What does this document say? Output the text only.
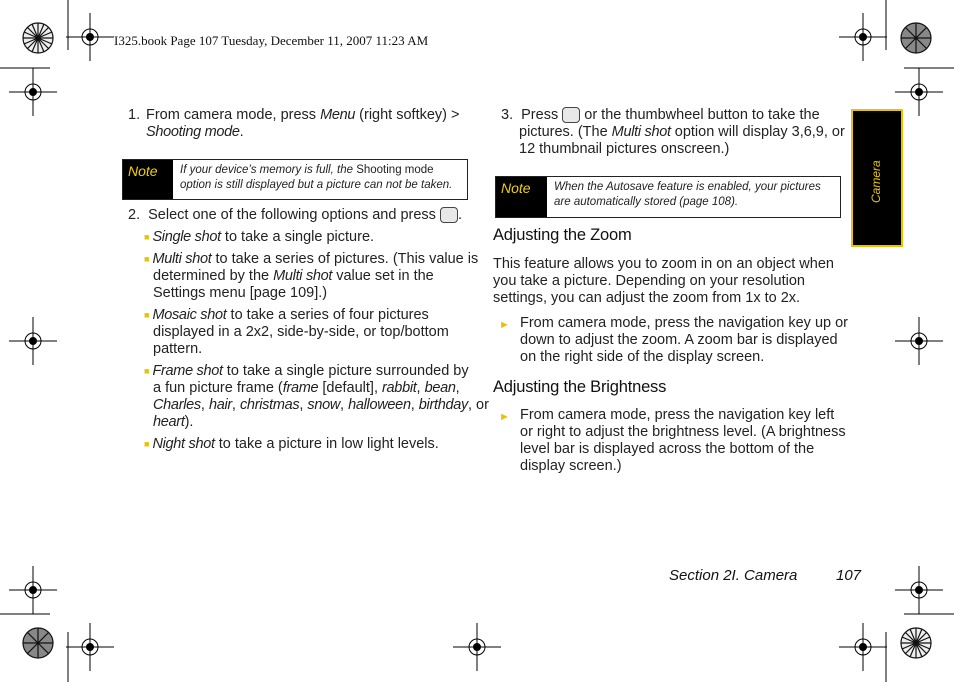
I325.book Page 107 Tuesday, December 11, 2007 11:23 AM
1. From camera mode, press Menu (right softkey) >
Shooting mode.
Note	If your device’s memory is full, the Shooting mode
option is still displayed but a picture can not be taken.
2. Select one of the following options and press .
■ Single shot to take a single picture.
■ Multi shot to take a series of pictures. (This value is
determined by the Multi shot value set in the
Settings menu [page 109].)
■ Mosaic shot to take a series of four pictures
displayed in a 2x2, side-by-side, or top/bottom
pattern.
■ Frame shot to take a single picture surrounded by
a fun picture frame (frame [default], rabbit, bean,
Charles, hair, christmas, snow, halloween, birthday, or
heart).
■ Night shot to take a picture in low light levels.
3. Press  or the thumbwheel button to take the
pictures. (The Multi shot option will display 3,6,9, or
12 thumbnail pictures onscreen.)
Note	When the Autosave feature is enabled, your pictures
are automatically stored (page 108).
Adjusting the Zoom
This feature allows you to zoom in on an object when
you take a picture. Depending on your resolution
settings, you can adjust the zoom from 1x to 2x.
► From camera mode, press the navigation key up or
down to adjust the zoom. A zoom bar is displayed
on the right side of the display screen.
Adjusting the Brightness
► From camera mode, press the navigation key left
or right to adjust the brightness level. (A brightness
level bar is displayed across the bottom of the
display screen.)
Camera
Section 2I. Camera	107
